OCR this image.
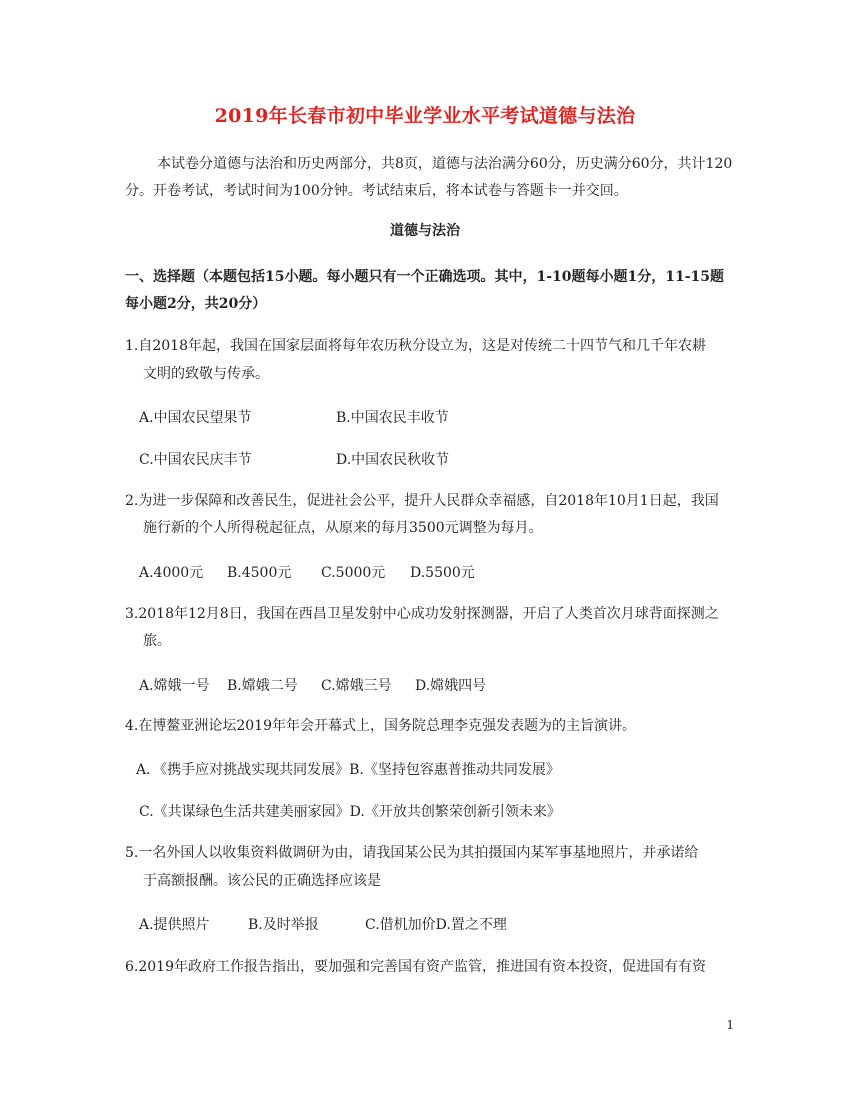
2019年长春市初中毕业学业水平考试道德与法治
本试卷分道德与法治和历史两部分，共8页，道德与法治满分60分，历史满分60分，共计120
分。开卷考试，考试时间为100分钟。考试结束后，将本试卷与答题卡一并交回。
道德与法治
一、选择题（本题包括15小题。每小题只有一个正确选项。其中，1-10题每小题1分，11-15题
每小题2分，共20分）
1.自2018年起，我国在国家层面将每年农历秋分设立为，这是对传统二十四节气和几千年农耕
文明的致敬与传承。
A.中国农民望果节	B.中国农民丰收节
C.中国农民庆丰节	D.中国农民秋收节
2.为进一步保障和改善民生，促进社会公平，提升人民群众幸福感，自2018年10月1日起，我国
施行新的个人所得税起征点，从原来的每月3500元调整为每月。
A.4000元 B.4500元 C.5000元 D.5500元
3.2018年12月8日，我国在西昌卫星发射中心成功发射探测器，开启了人类首次月球背面探测之
旅。
A.嫦娥一号 B.嫦娥二号 C.嫦娥三号 D.嫦娥四号
4.在博鳌亚洲论坛2019年年会开幕式上，国务院总理李克强发表题为的主旨演讲。
A．《携手应对挑战实现共同发展》B.《坚持包容惠普推动共同发展》
C.《共谋绿色生活共建美丽家园》D.《开放共创繁荣创新引领未来》
5.一名外国人以收集资料做调研为由，请我国某公民为其拍摄国内某军事基地照片，并承诺给
于高额报酬。该公民的正确选择应该是
A.提供照片	B.及时举报	C.借机加价D.置之不理
6.2019年政府工作报告指出，要加强和完善国有资产监管，推进国有资本投资，促进国有有资
1
